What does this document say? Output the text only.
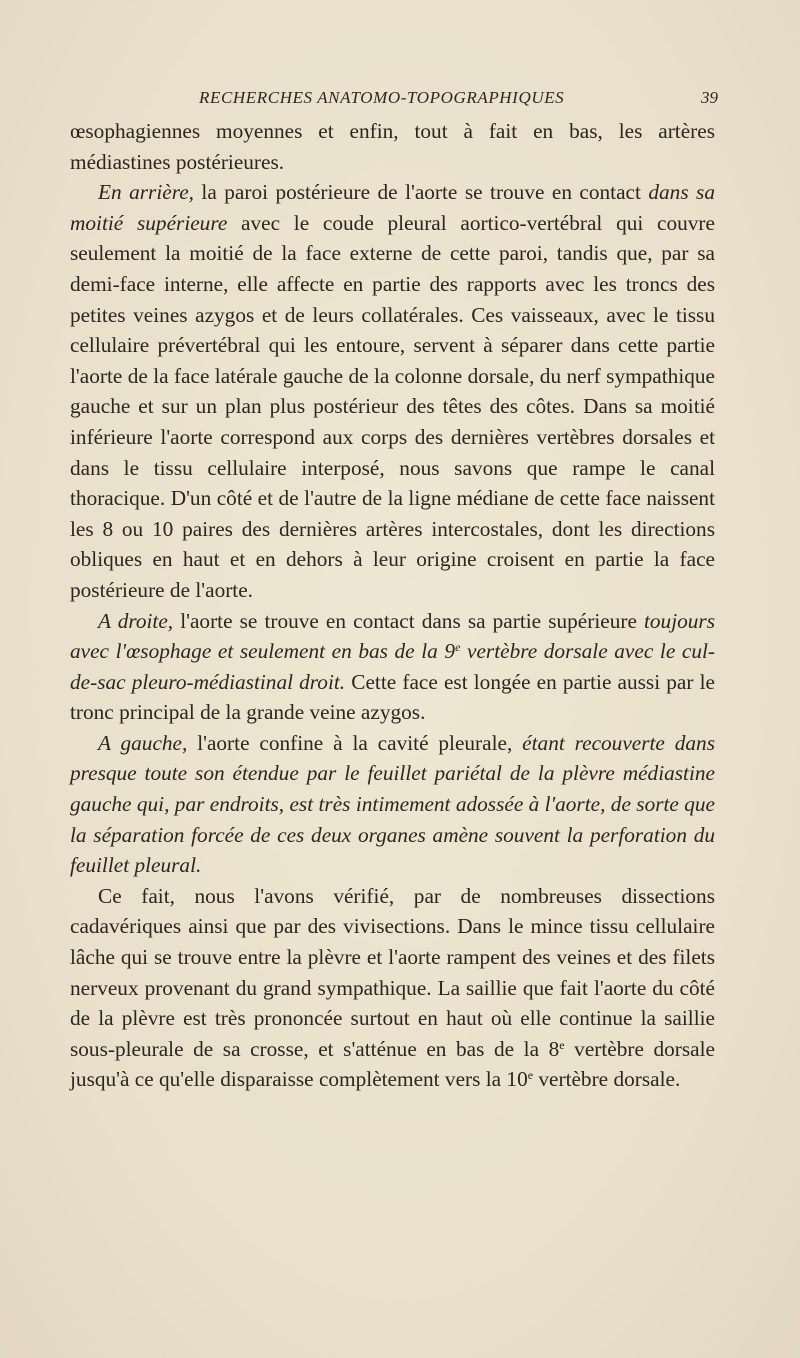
RECHERCHES ANATOMO-TOPOGRAPHIQUES	39

œsophagiennes moyennes et enfin, tout à fait en bas, les artères médiastines postérieures.

En arrière, la paroi postérieure de l'aorte se trouve en contact dans sa moitié supérieure avec le coude pleural aortico-vertébral qui couvre seulement la moitié de la face externe de cette paroi, tandis que, par sa demi-face interne, elle affecte en partie des rapports avec les troncs des petites veines azygos et de leurs collatérales. Ces vaisseaux, avec le tissu cellulaire prévertébral qui les entoure, servent à séparer dans cette partie l'aorte de la face latérale gauche de la colonne dorsale, du nerf sympathique gauche et sur un plan plus postérieur des têtes des côtes. Dans sa moitié inférieure l'aorte correspond aux corps des dernières vertèbres dorsales et dans le tissu cellulaire interposé, nous savons que rampe le canal thoracique. D'un côté et de l'autre de la ligne médiane de cette face naissent les 8 ou 10 paires des dernières artères intercostales, dont les directions obliques en haut et en dehors à leur origine croisent en partie la face postérieure de l'aorte.

A droite, l'aorte se trouve en contact dans sa partie supérieure toujours avec l'œsophage et seulement en bas de la 9e vertèbre dorsale avec le cul-de-sac pleuro-médiastinal droit. Cette face est longée en partie aussi par le tronc principal de la grande veine azygos.

A gauche, l'aorte confine à la cavité pleurale, étant recouverte dans presque toute son étendue par le feuillet pariétal de la plèvre médiastine gauche qui, par endroits, est très intimement adossée à l'aorte, de sorte que la séparation forcée de ces deux organes amène souvent la perforation du feuillet pleural.

Ce fait, nous l'avons vérifié, par de nombreuses dissections cadavériques ainsi que par des vivisections. Dans le mince tissu cellulaire lâche qui se trouve entre la plèvre et l'aorte rampent des veines et des filets nerveux provenant du grand sympathique. La saillie que fait l'aorte du côté de la plèvre est très prononcée surtout en haut où elle continue la saillie sous-pleurale de sa crosse, et s'atténue en bas de la 8e vertèbre dorsale jusqu'à ce qu'elle disparaisse complètement vers la 10e vertèbre dorsale.
